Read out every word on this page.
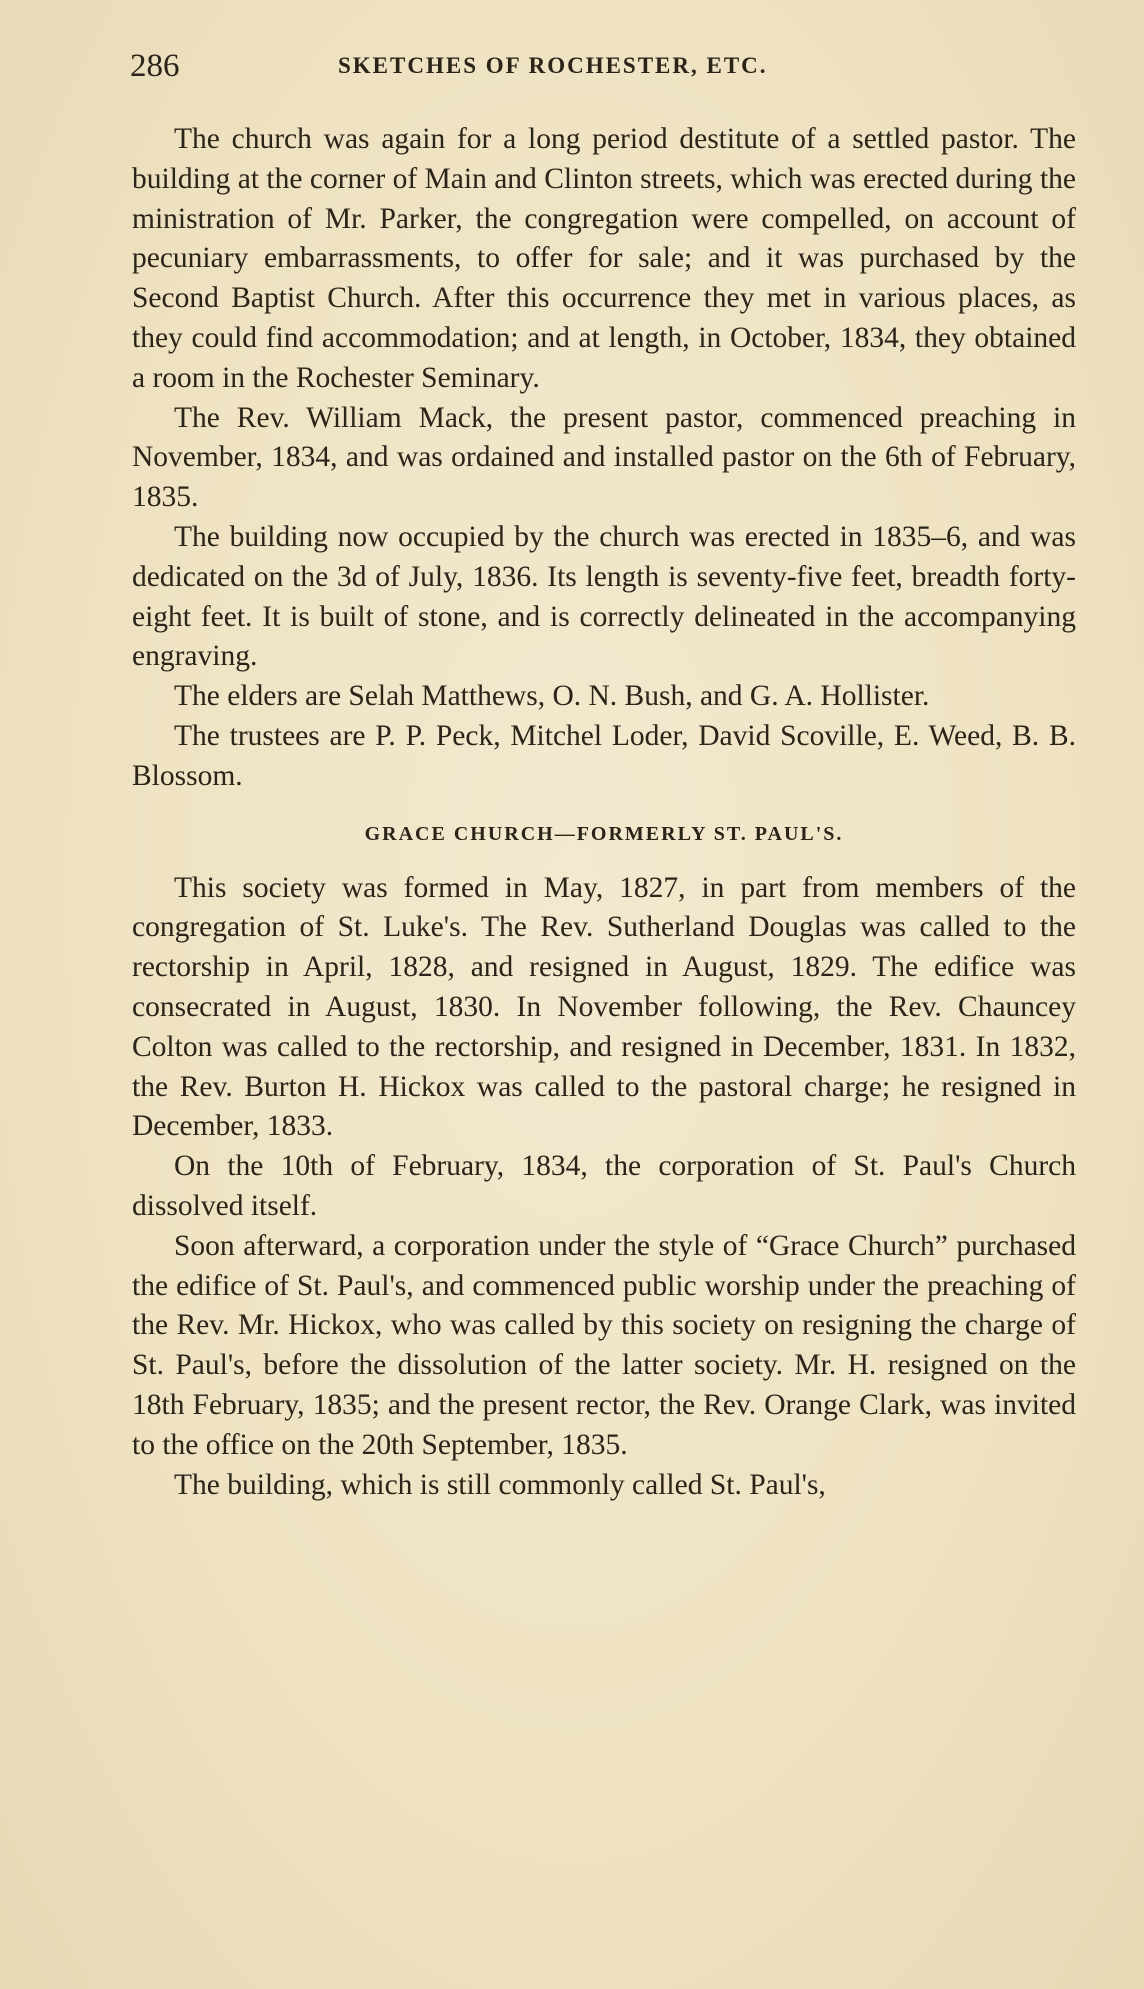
286	SKETCHES OF ROCHESTER, ETC.

The church was again for a long period destitute of a settled pastor. The building at the corner of Main and Clinton streets, which was erected during the ministration of Mr. Parker, the congregation were compelled, on account of pecuniary embarrassments, to offer for sale; and it was purchased by the Second Baptist Church. After this occurrence they met in various places, as they could find accommodation; and at length, in October, 1834, they obtained a room in the Rochester Seminary.

The Rev. William Mack, the present pastor, commenced preaching in November, 1834, and was ordained and installed pastor on the 6th of February, 1835.

The building now occupied by the church was erected in 1835–6, and was dedicated on the 3d of July, 1836. Its length is seventy-five feet, breadth forty-eight feet. It is built of stone, and is correctly delineated in the accompanying engraving.

The elders are Selah Matthews, O. N. Bush, and G. A. Hollister.

The trustees are P. P. Peck, Mitchel Loder, David Scoville, E. Weed, B. B. Blossom.

GRACE CHURCH—FORMERLY ST. PAUL'S.

This society was formed in May, 1827, in part from members of the congregation of St. Luke's. The Rev. Sutherland Douglas was called to the rectorship in April, 1828, and resigned in August, 1829. The edifice was consecrated in August, 1830. In November following, the Rev. Chauncey Colton was called to the rectorship, and resigned in December, 1831. In 1832, the Rev. Burton H. Hickox was called to the pastoral charge; he resigned in December, 1833.

On the 10th of February, 1834, the corporation of St. Paul's Church dissolved itself.

Soon afterward, a corporation under the style of “Grace Church” purchased the edifice of St. Paul's, and commenced public worship under the preaching of the Rev. Mr. Hickox, who was called by this society on resigning the charge of St. Paul's, before the dissolution of the latter society. Mr. H. resigned on the 18th February, 1835; and the present rector, the Rev. Orange Clark, was invited to the office on the 20th September, 1835.

The building, which is still commonly called St. Paul's,
